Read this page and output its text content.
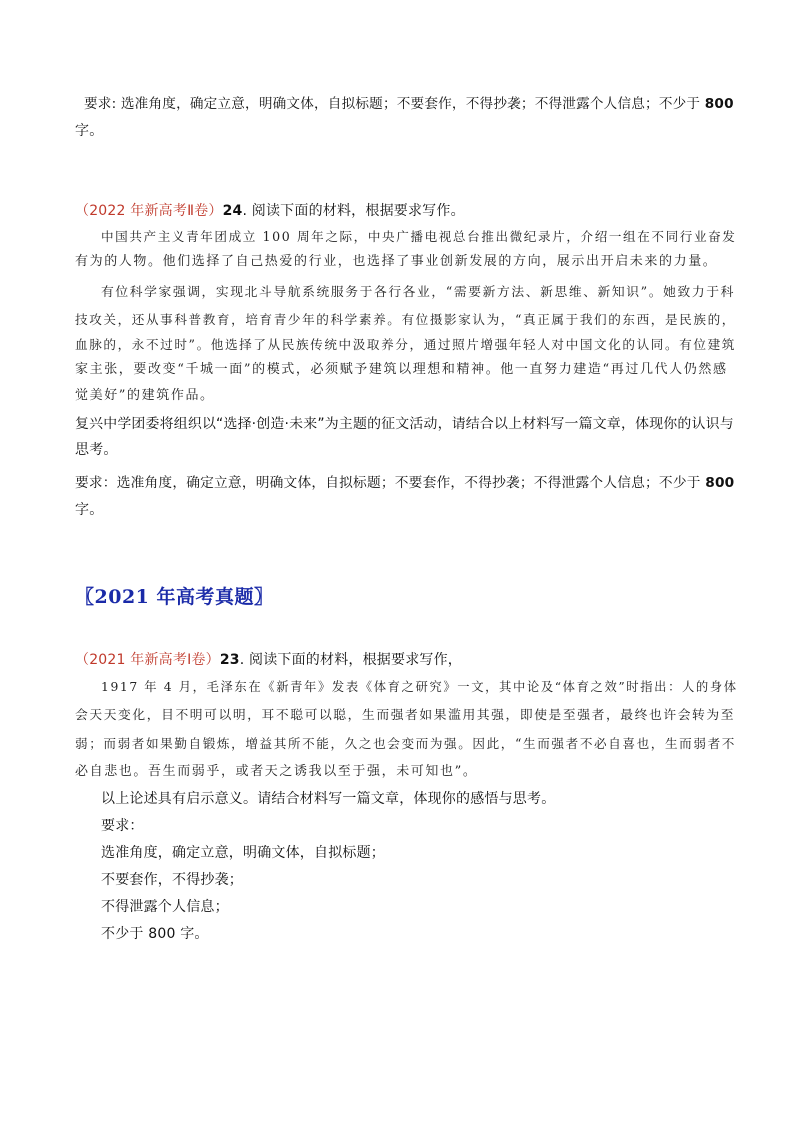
要求: 选准角度，确定立意，明确文体，自拟标题；不要套作，不得抄袭；不得泄露个人信息；不少于 800
字。
（2022 年新高考Ⅱ卷）24. 阅读下面的材料，根据要求写作。
中国共产主义青年团成立 100 周年之际，中央广播电视总台推出微纪录片，介绍一组在不同行业奋发
有为的人物。他们选择了自己热爱的行业，也选择了事业创新发展的方向，展示出开启未来的力量。
有位科学家强调，实现北斗导航系统服务于各行各业，“需要新方法、新思维、新知识”。她致力于科
技攻关，还从事科普教育，培育青少年的科学素养。有位摄影家认为，“真正属于我们的东西，是民族的，
血脉的，永不过时”。他选择了从民族传统中汲取养分，通过照片增强年轻人对中国文化的认同。有位建筑
家主张，要改变“千城一面”的模式，必须赋予建筑以理想和精神。他一直努力建造“再过几代人仍然感
觉美好”的建筑作品。
复兴中学团委将组织以“选择·创造·未来”为主题的征文活动，请结合以上材料写一篇文章，体现你的认识与
思考。
要求：选准角度，确定立意，明确文体，自拟标题；不要套作，不得抄袭；不得泄露个人信息；不少于 800
字。
〖2021 年高考真题〗
（2021 年新高考Ⅰ卷）23. 阅读下面的材料，根据要求写作，
1917 年 4 月，毛泽东在《新青年》发表《体育之研究》一文，其中论及“体育之效”时指出：人的身体
会天天变化，目不明可以明，耳不聪可以聪，生而强者如果滥用其强，即使是至强者，最终也许会转为至
弱；而弱者如果勤自锻炼，增益其所不能，久之也会变而为强。因此，“生而强者不必自喜也，生而弱者不
必自悲也。吾生而弱乎，或者天之诱我以至于强，未可知也”。
以上论述具有启示意义。请结合材料写一篇文章，体现你的感悟与思考。
要求：
选准角度，确定立意，明确文体，自拟标题；
不要套作，不得抄袭；
不得泄露个人信息；
不少于 800 字。
